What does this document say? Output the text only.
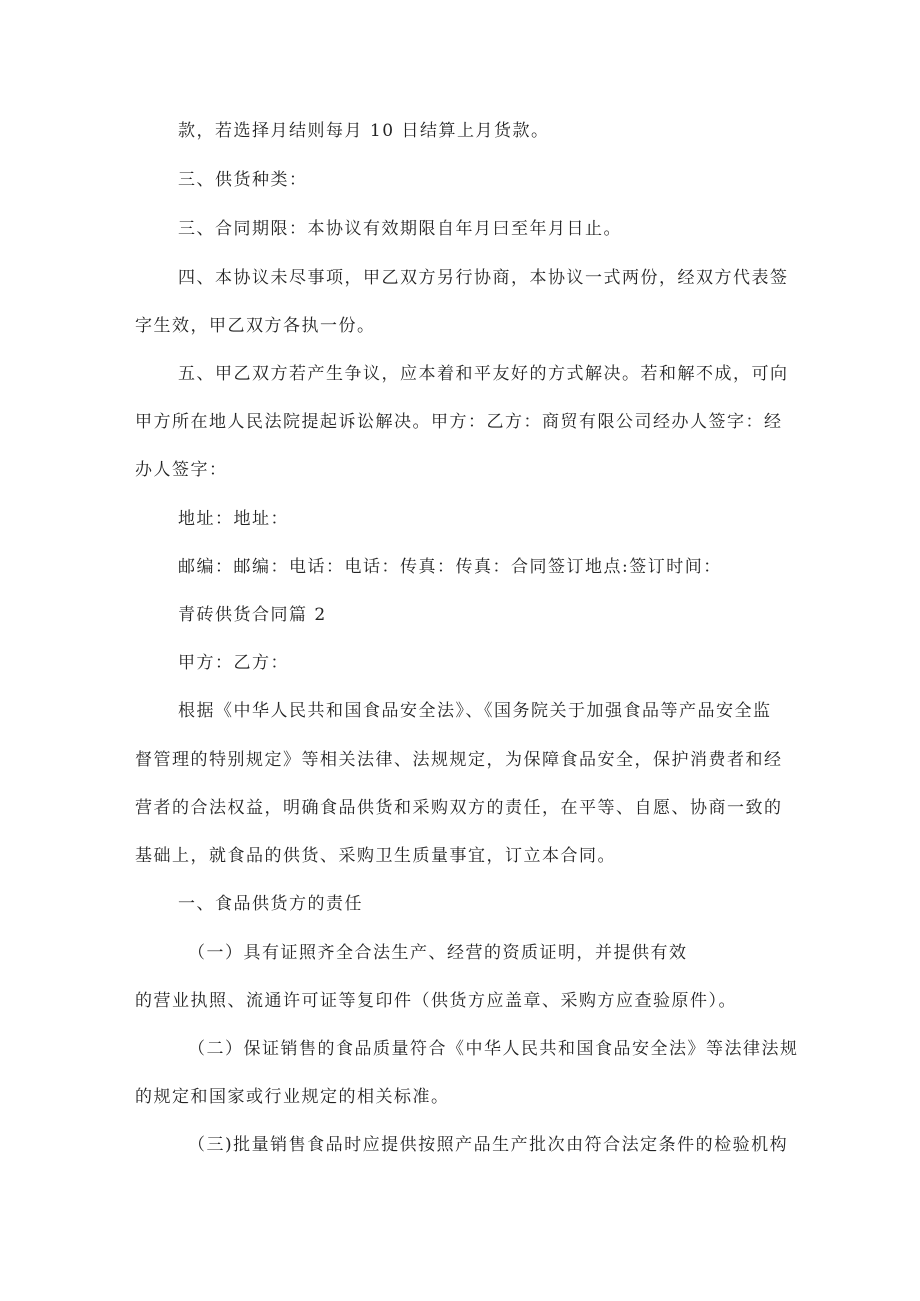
款，若选择月结则每月 10 日结算上月货款。
三、供货种类：
三、合同期限：本协议有效期限自年月曰至年月日止。
四、本协议未尽事项，甲乙双方另行协商，本协议一式两份，经双方代表签
字生效，甲乙双方各执一份。
五、甲乙双方若产生争议，应本着和平友好的方式解决。若和解不成，可向
甲方所在地人民法院提起诉讼解决。甲方：乙方：商贸有限公司经办人签字：经
办人签字：
地址：地址：
邮编：邮编：电话：电话：传真：传真：合同签订地点:签订时间：
青砖供货合同篇 2
甲方：乙方：
根据《中华人民共和国食品安全法》、《国务院关于加强食品等产品安全监
督管理的特别规定》等相关法律、法规规定，为保障食品安全，保护消费者和经
营者的合法权益，明确食品供货和采购双方的责任，在平等、自愿、协商一致的
基础上，就食品的供货、采购卫生质量事宜，订立本合同。
一、食品供货方的责任
（一）具有证照齐全合法生产、经营的资质证明，并提供有效
的营业执照、流通许可证等复印件（供货方应盖章、采购方应查验原件）。
（二）保证销售的食品质量符合《中华人民共和国食品安全法》等法律法规
的规定和国家或行业规定的相关标准。
（三)批量销售食品时应提供按照产品生产批次由符合法定条件的检验机构
